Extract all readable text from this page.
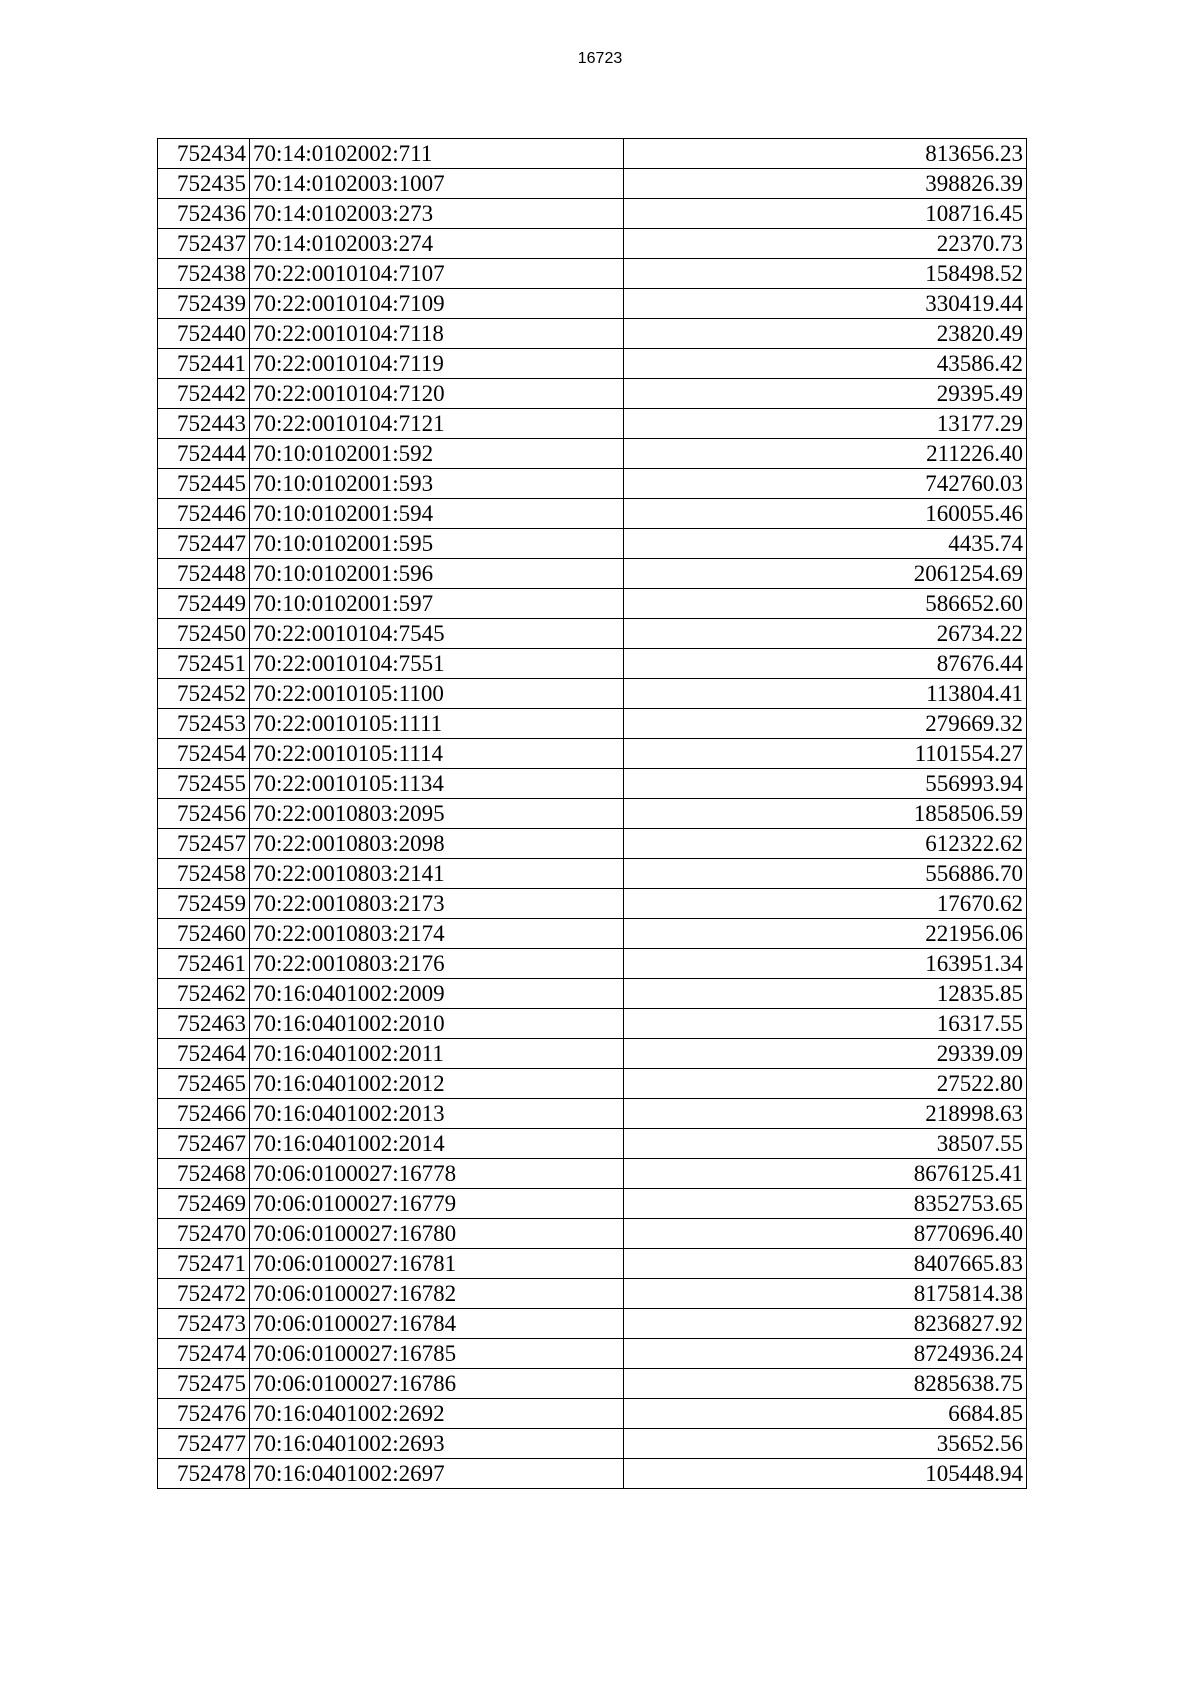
16723
752434	70:14:0102002:711	813656.23
752435	70:14:0102003:1007	398826.39
752436	70:14:0102003:273	108716.45
752437	70:14:0102003:274	22370.73
752438	70:22:0010104:7107	158498.52
752439	70:22:0010104:7109	330419.44
752440	70:22:0010104:7118	23820.49
752441	70:22:0010104:7119	43586.42
752442	70:22:0010104:7120	29395.49
752443	70:22:0010104:7121	13177.29
752444	70:10:0102001:592	211226.40
752445	70:10:0102001:593	742760.03
752446	70:10:0102001:594	160055.46
752447	70:10:0102001:595	4435.74
752448	70:10:0102001:596	2061254.69
752449	70:10:0102001:597	586652.60
752450	70:22:0010104:7545	26734.22
752451	70:22:0010104:7551	87676.44
752452	70:22:0010105:1100	113804.41
752453	70:22:0010105:1111	279669.32
752454	70:22:0010105:1114	1101554.27
752455	70:22:0010105:1134	556993.94
752456	70:22:0010803:2095	1858506.59
752457	70:22:0010803:2098	612322.62
752458	70:22:0010803:2141	556886.70
752459	70:22:0010803:2173	17670.62
752460	70:22:0010803:2174	221956.06
752461	70:22:0010803:2176	163951.34
752462	70:16:0401002:2009	12835.85
752463	70:16:0401002:2010	16317.55
752464	70:16:0401002:2011	29339.09
752465	70:16:0401002:2012	27522.80
752466	70:16:0401002:2013	218998.63
752467	70:16:0401002:2014	38507.55
752468	70:06:0100027:16778	8676125.41
752469	70:06:0100027:16779	8352753.65
752470	70:06:0100027:16780	8770696.40
752471	70:06:0100027:16781	8407665.83
752472	70:06:0100027:16782	8175814.38
752473	70:06:0100027:16784	8236827.92
752474	70:06:0100027:16785	8724936.24
752475	70:06:0100027:16786	8285638.75
752476	70:16:0401002:2692	6684.85
752477	70:16:0401002:2693	35652.56
752478	70:16:0401002:2697	105448.94
